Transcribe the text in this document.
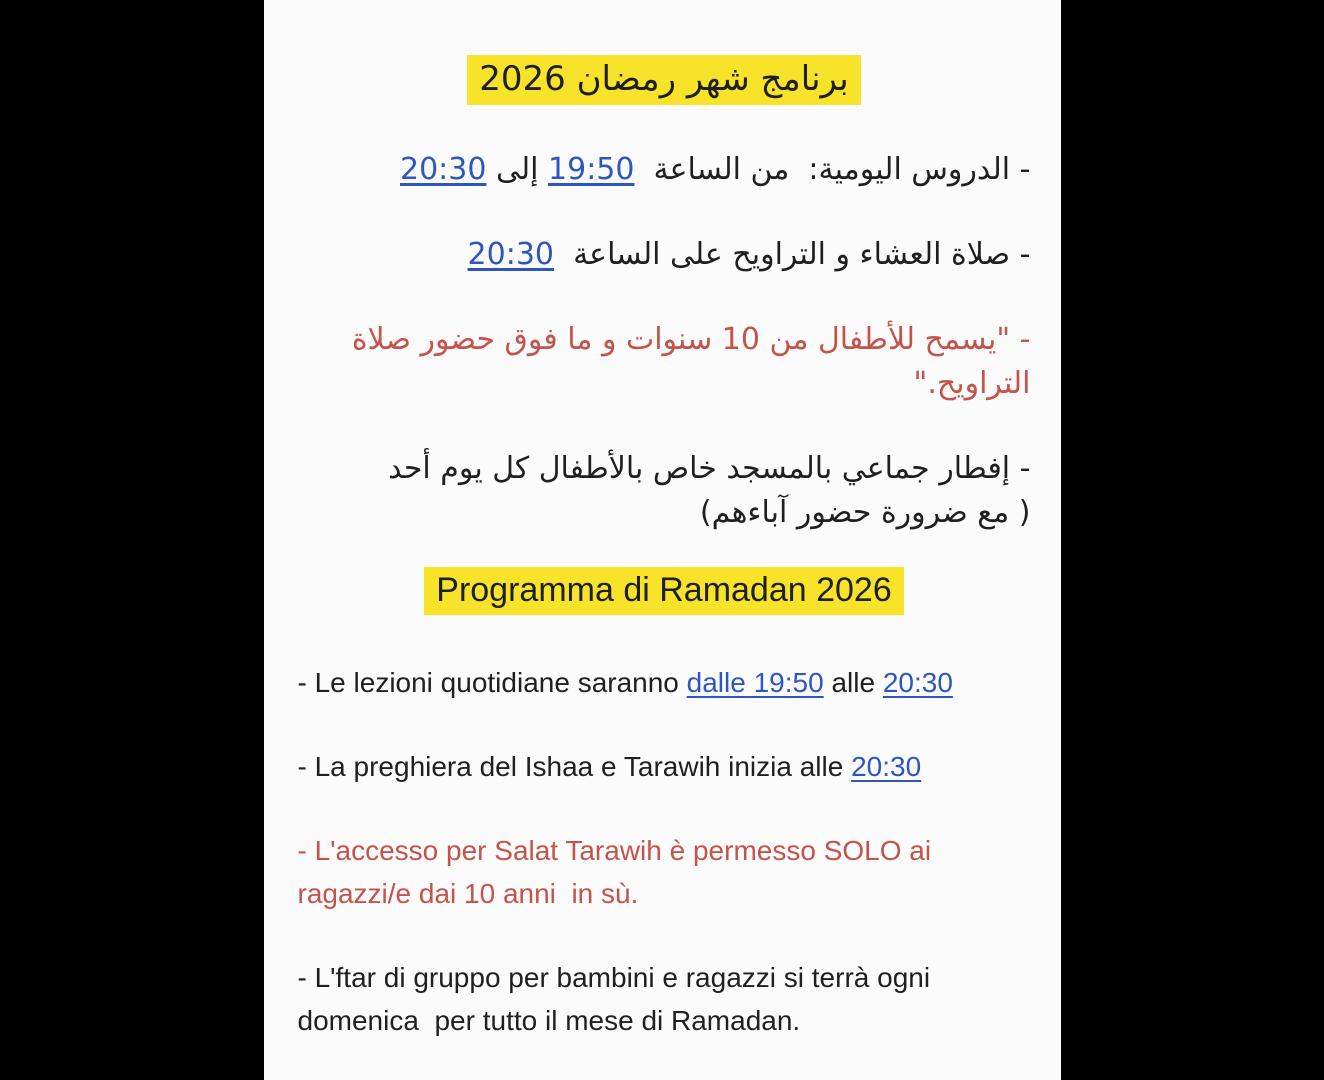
برنامج شهر رمضان 2026

- الدروس اليومية:  من الساعة  19:50 إلى 20:30

- صلاة العشاء و التراويح على الساعة  20:30

- "يسمح للأطفال من 10 سنوات و ما فوق حضور صلاة التراويح."

- إفطار جماعي بالمسجد خاص بالأطفال كل يوم أحد
( مع ضرورة حضور آباءهم)

Programma di Ramadan 2026

- Le lezioni quotidiane saranno dalle 19:50 alle 20:30

- La preghiera del Ishaa e Tarawih inizia alle 20:30

- L'accesso per Salat Tarawih è permesso SOLO ai ragazzi/e dai 10 anni  in sù.

- L'ftar di gruppo per bambini e ragazzi si terrà ogni domenica  per tutto il mese di Ramadan.
